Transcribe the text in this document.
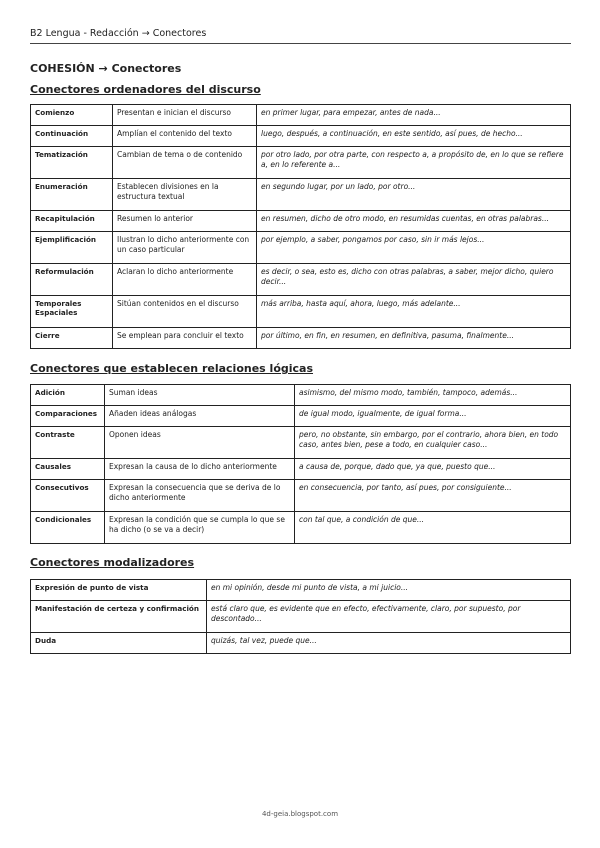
B2 Lengua - Redacción → Conectores
COHESIÓN → Conectores
Conectores ordenadores del discurso
Comienzo	Presentan e inician el discurso	en primer lugar, para empezar, antes de nada...
Continuación	Amplían el contenido del texto	luego, después, a continuación, en este sentido, así pues, de hecho...
Tematización	Cambian de tema o de contenido	por otro lado, por otra parte, con respecto a, a propósito de, en lo que se refiere a, en lo referente a...
Enumeración	Establecen divisiones en la estructura textual	en segundo lugar, por un lado, por otro...
Recapitulación	Resumen lo anterior	en resumen, dicho de otro modo, en resumidas cuentas, en otras palabras...
Ejemplificación	Ilustran lo dicho anteriormente con un caso particular	por ejemplo, a saber, pongamos por caso, sin ir más lejos...
Reformulación	Aclaran lo dicho anteriormente	es decir, o sea, esto es, dicho con otras palabras, a saber, mejor dicho, quiero decir...
Temporales Espaciales	Sitúan contenidos en el discurso	más arriba, hasta aquí, ahora, luego, más adelante...
Cierre	Se emplean para concluir el texto	por último, en fin, en resumen, en definitiva, pasuma, finalmente...
Conectores que establecen relaciones lógicas
Adición	Suman ideas	asimismo, del mismo modo, también, tampoco, además...
Comparaciones	Añaden ideas análogas	de igual modo, igualmente, de igual forma...
Contraste	Oponen ideas	pero, no obstante, sin embargo, por el contrario, ahora bien, en todo caso, antes bien, pese a todo, en cualquier caso...
Causales	Expresan la causa de lo dicho anteriormente	a causa de, porque, dado que, ya que, puesto que...
Consecutivos	Expresan la consecuencia que se deriva de lo dicho anteriormente	en consecuencia, por tanto, así pues, por consiguiente...
Condicionales	Expresan la condición que se cumpla lo que se ha dicho (o se va a decir)	con tal que, a condición de que...
Conectores modalizadores
Expresión de punto de vista	en mi opinión, desde mi punto de vista, a mi juicio...
Manifestación de certeza y confirmación	está claro que, es evidente que en efecto, efectivamente, claro, por supuesto, por descontado...
Duda	quizás, tal vez, puede que...
4d-geia.blogspot.com
